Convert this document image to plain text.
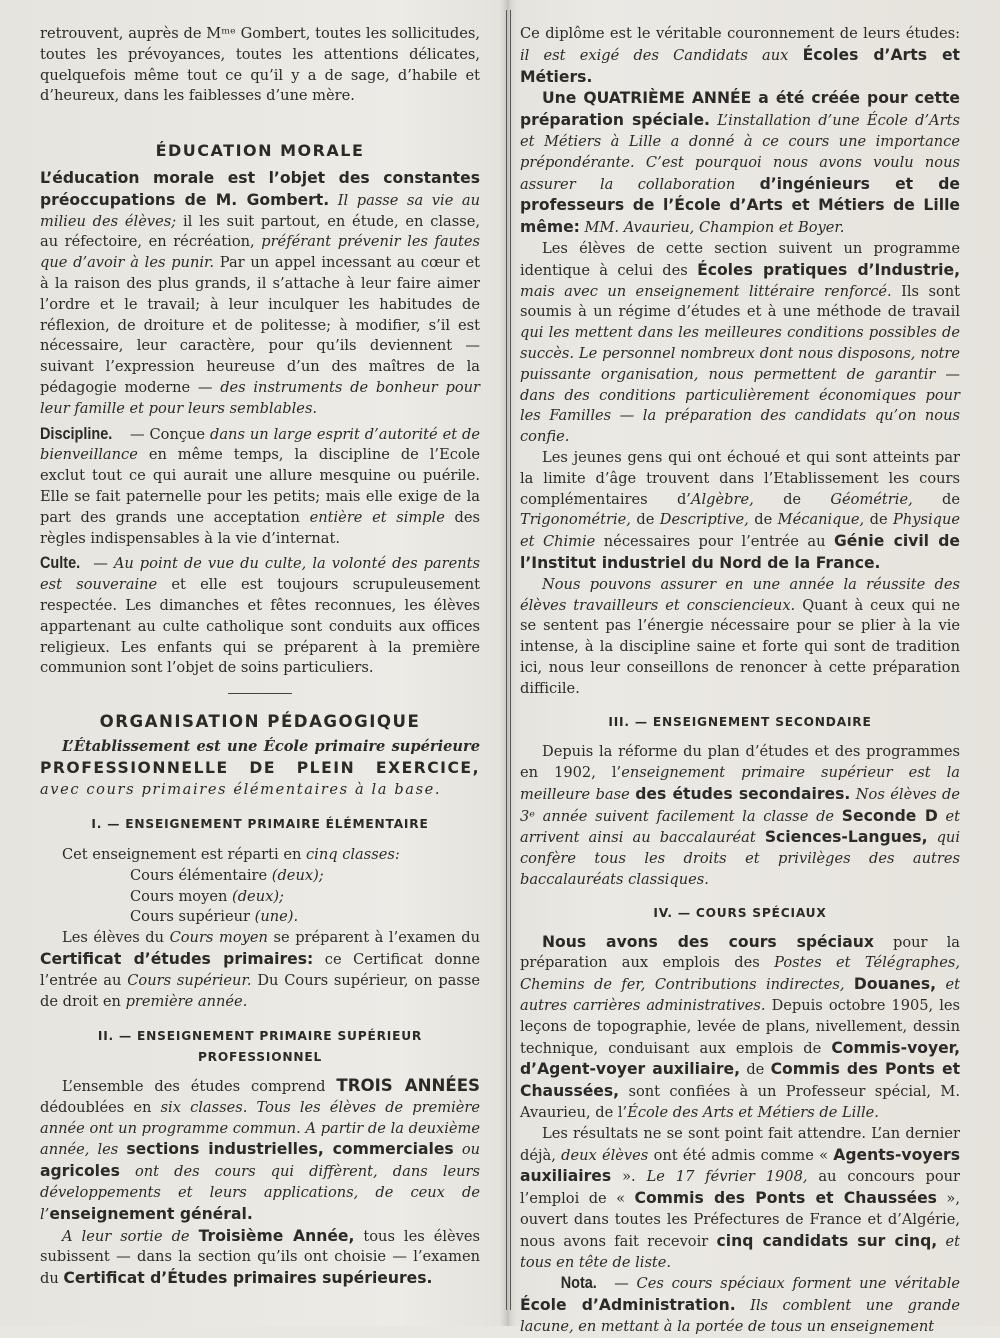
retrouvent, auprès de Mᵐᵉ Gombert, toutes les sollicitudes, toutes les prévoyances, toutes les attentions délicates, quelquefois même tout ce qu’il y a de sage, d’habile et d’heureux, dans les faiblesses d’une mère.

ÉDUCATION MORALE

L’éducation morale est l’objet des constantes préoccupations de M. Gombert. Il passe sa vie au milieu des élèves; il les suit partout, en étude, en classe, au réfectoire, en récréation, préférant prévenir les fautes que d’avoir à les punir. Par un appel incessant au cœur et à la raison des plus grands, il s’attache à leur faire aimer l’ordre et le travail; à leur inculquer les habitudes de réflexion, de droiture et de politesse; à modifier, s’il est nécessaire, leur caractère, pour qu’ils deviennent — suivant l’expression heureuse d’un des maîtres de la pédagogie moderne — des instruments de bonheur pour leur famille et pour leurs semblables.

Discipline. — Conçue dans un large esprit d’autorité et de bienveillance en même temps, la discipline de l’Ecole exclut tout ce qui aurait une allure mesquine ou puérile. Elle se fait paternelle pour les petits; mais elle exige de la part des grands une acceptation entière et simple des règles indispensables à la vie d’internat.

Culte. — Au point de vue du culte, la volonté des parents est souveraine et elle est toujours scrupuleusement respectée. Les dimanches et fêtes reconnues, les élèves appartenant au culte catholique sont conduits aux offices religieux. Les enfants qui se préparent à la première communion sont l’objet de soins particuliers.

ORGANISATION PÉDAGOGIQUE

L’Établissement est une École primaire supérieure PROFESSIONNELLE DE PLEIN EXERCICE, avec cours primaires élémentaires à la base.

I. — ENSEIGNEMENT PRIMAIRE ÉLÉMENTAIRE

Cet enseignement est réparti en cinq classes:

Cours élémentaire (deux);

Cours moyen (deux);

Cours supérieur (une).

Les élèves du Cours moyen se préparent à l’examen du Certificat d’études primaires: ce Certificat donne l’entrée au Cours supérieur. Du Cours supérieur, on passe de droit en première année.

II. — ENSEIGNEMENT PRIMAIRE SUPÉRIEUR

PROFESSIONNEL

L’ensemble des études comprend TROIS ANNÉES dédoublées en six classes. Tous les élèves de première année ont un programme commun. A partir de la deuxième année, les sections industrielles, commerciales ou agricoles ont des cours qui diffèrent, dans leurs développements et leurs applications, de ceux de l’enseignement général.

A leur sortie de Troisième Année, tous les élèves subissent — dans la section qu’ils ont choisie — l’examen du Certificat d’Études primaires supérieures.

Ce diplôme est le véritable couronnement de leurs études: il est exigé des Candidats aux Écoles d’Arts et Métiers.

Une QUATRIÈME ANNÉE a été créée pour cette préparation spéciale. L’installation d’une École d’Arts et Métiers à Lille a donné à ce cours une importance prépondérante. C’est pourquoi nous avons voulu nous assurer la collaboration d’ingénieurs et de professeurs de l’École d’Arts et Métiers de Lille même: MM. Avaurieu, Champion et Boyer.

Les élèves de cette section suivent un programme identique à celui des Écoles pratiques d’Industrie, mais avec un enseignement littéraire renforcé. Ils sont soumis à un régime d’études et à une méthode de travail qui les mettent dans les meilleures conditions possibles de succès. Le personnel nombreux dont nous disposons, notre puissante organisation, nous permettent de garantir — dans des conditions particulièrement économiques pour les Familles — la préparation des candidats qu’on nous confie.

Les jeunes gens qui ont échoué et qui sont atteints par la limite d’âge trouvent dans l’Etablissement les cours complémentaires d’Algèbre, de Géométrie, de Trigonométrie, de Descriptive, de Mécanique, de Physique et Chimie nécessaires pour l’entrée au Génie civil de l’Institut industriel du Nord de la France.

Nous pouvons assurer en une année la réussite des élèves travailleurs et consciencieux. Quant à ceux qui ne se sentent pas l’énergie nécessaire pour se plier à la vie intense, à la discipline saine et forte qui sont de tradition ici, nous leur conseillons de renoncer à cette préparation difficile.

III. — ENSEIGNEMENT SECONDAIRE

Depuis la réforme du plan d’études et des programmes en 1902, l’enseignement primaire supérieur est la meilleure base des études secondaires. Nos élèves de 3ᵉ année suivent facilement la classe de Seconde D et arrivent ainsi au baccalauréat Sciences-Langues, qui confère tous les droits et privilèges des autres baccalauréats classiques.

IV. — COURS SPÉCIAUX

Nous avons des cours spéciaux pour la préparation aux emplois des Postes et Télégraphes, Chemins de fer, Contributions indirectes, Douanes, et autres carrières administratives. Depuis octobre 1905, les leçons de topographie, levée de plans, nivellement, dessin technique, conduisant aux emplois de Commis-voyer, d’Agent-voyer auxiliaire, de Commis des Ponts et Chaussées, sont confiées à un Professeur spécial, M. Avaurieu, de l’École des Arts et Métiers de Lille.

Les résultats ne se sont point fait attendre. L’an dernier déjà, deux élèves ont été admis comme « Agents-voyers auxiliaires ». Le 17 février 1908, au concours pour l’emploi de « Commis des Ponts et Chaussées », ouvert dans toutes les Préfectures de France et d’Algérie, nous avons fait recevoir cinq candidats sur cinq, et tous en tête de liste.

Nota. — Ces cours spéciaux forment une véritable École d’Administration. Ils comblent une grande lacune, en mettant à la portée de tous un enseignement
